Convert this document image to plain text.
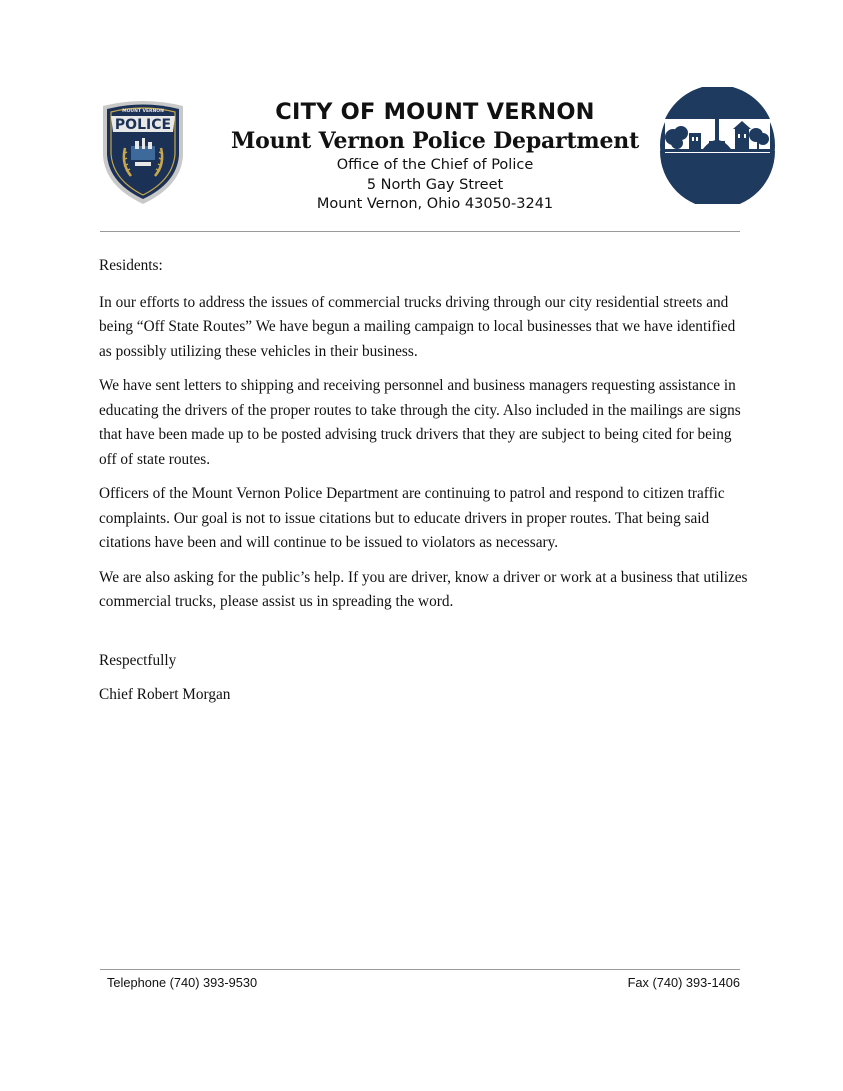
MOUNT VERNON
POLICE	CITY OF MOUNT VERNON
Mount Vernon Police Department
Office of the Chief of Police
5 North Gay Street
Mount Vernon, Ohio 43050-3241

Residents:

In our efforts to address the issues of commercial trucks driving through our city residential streets and being “Off State Routes” We have begun a mailing campaign to local businesses that we have identified as possibly utilizing these vehicles in their business.

We have sent letters to shipping and receiving personnel and business managers requesting assistance in educating the drivers of the proper routes to take through the city. Also included in the mailings are signs that have been made up to be posted advising truck drivers that they are subject to being cited for being off of state routes.

Officers of the Mount Vernon Police Department are continuing to patrol and respond to citizen traffic complaints. Our goal is not to issue citations but to educate drivers in proper routes. That being said citations have been and will continue to be issued to violators as necessary.

We are also asking for the public’s help. If you are driver, know a driver or work at a business that utilizes commercial trucks, please assist us in spreading the word.

Respectfully

Chief Robert Morgan

Telephone (740) 393-9530	Fax (740) 393-1406
